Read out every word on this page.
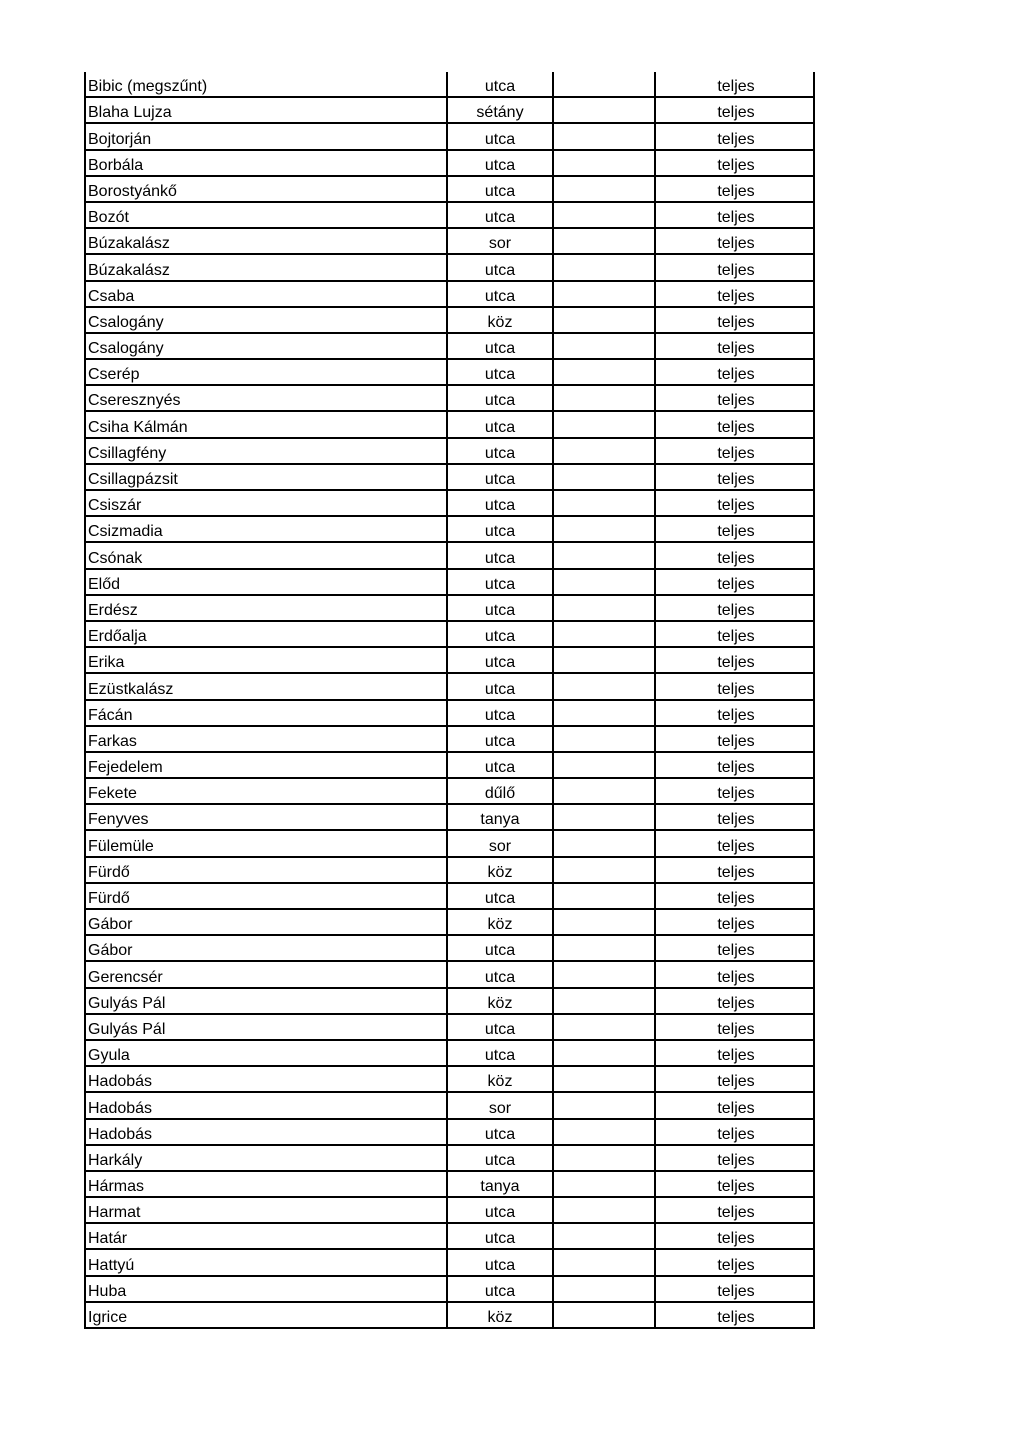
Bibic (megszűnt)	utca	teljes
Blaha Lujza	sétány	teljes
Bojtorján	utca	teljes
Borbála	utca	teljes
Borostyánkő	utca	teljes
Bozót	utca	teljes
Búzakalász	sor	teljes
Búzakalász	utca	teljes
Csaba	utca	teljes
Csalogány	köz	teljes
Csalogány	utca	teljes
Cserép	utca	teljes
Cseresznyés	utca	teljes
Csiha Kálmán	utca	teljes
Csillagfény	utca	teljes
Csillagpázsit	utca	teljes
Csiszár	utca	teljes
Csizmadia	utca	teljes
Csónak	utca	teljes
Előd	utca	teljes
Erdész	utca	teljes
Erdőalja	utca	teljes
Erika	utca	teljes
Ezüstkalász	utca	teljes
Fácán	utca	teljes
Farkas	utca	teljes
Fejedelem	utca	teljes
Fekete	dűlő	teljes
Fenyves	tanya	teljes
Fülemüle	sor	teljes
Fürdő	köz	teljes
Fürdő	utca	teljes
Gábor	köz	teljes
Gábor	utca	teljes
Gerencsér	utca	teljes
Gulyás Pál	köz	teljes
Gulyás Pál	utca	teljes
Gyula	utca	teljes
Hadobás	köz	teljes
Hadobás	sor	teljes
Hadobás	utca	teljes
Harkály	utca	teljes
Hármas	tanya	teljes
Harmat	utca	teljes
Határ	utca	teljes
Hattyú	utca	teljes
Huba	utca	teljes
Igrice	köz	teljes
